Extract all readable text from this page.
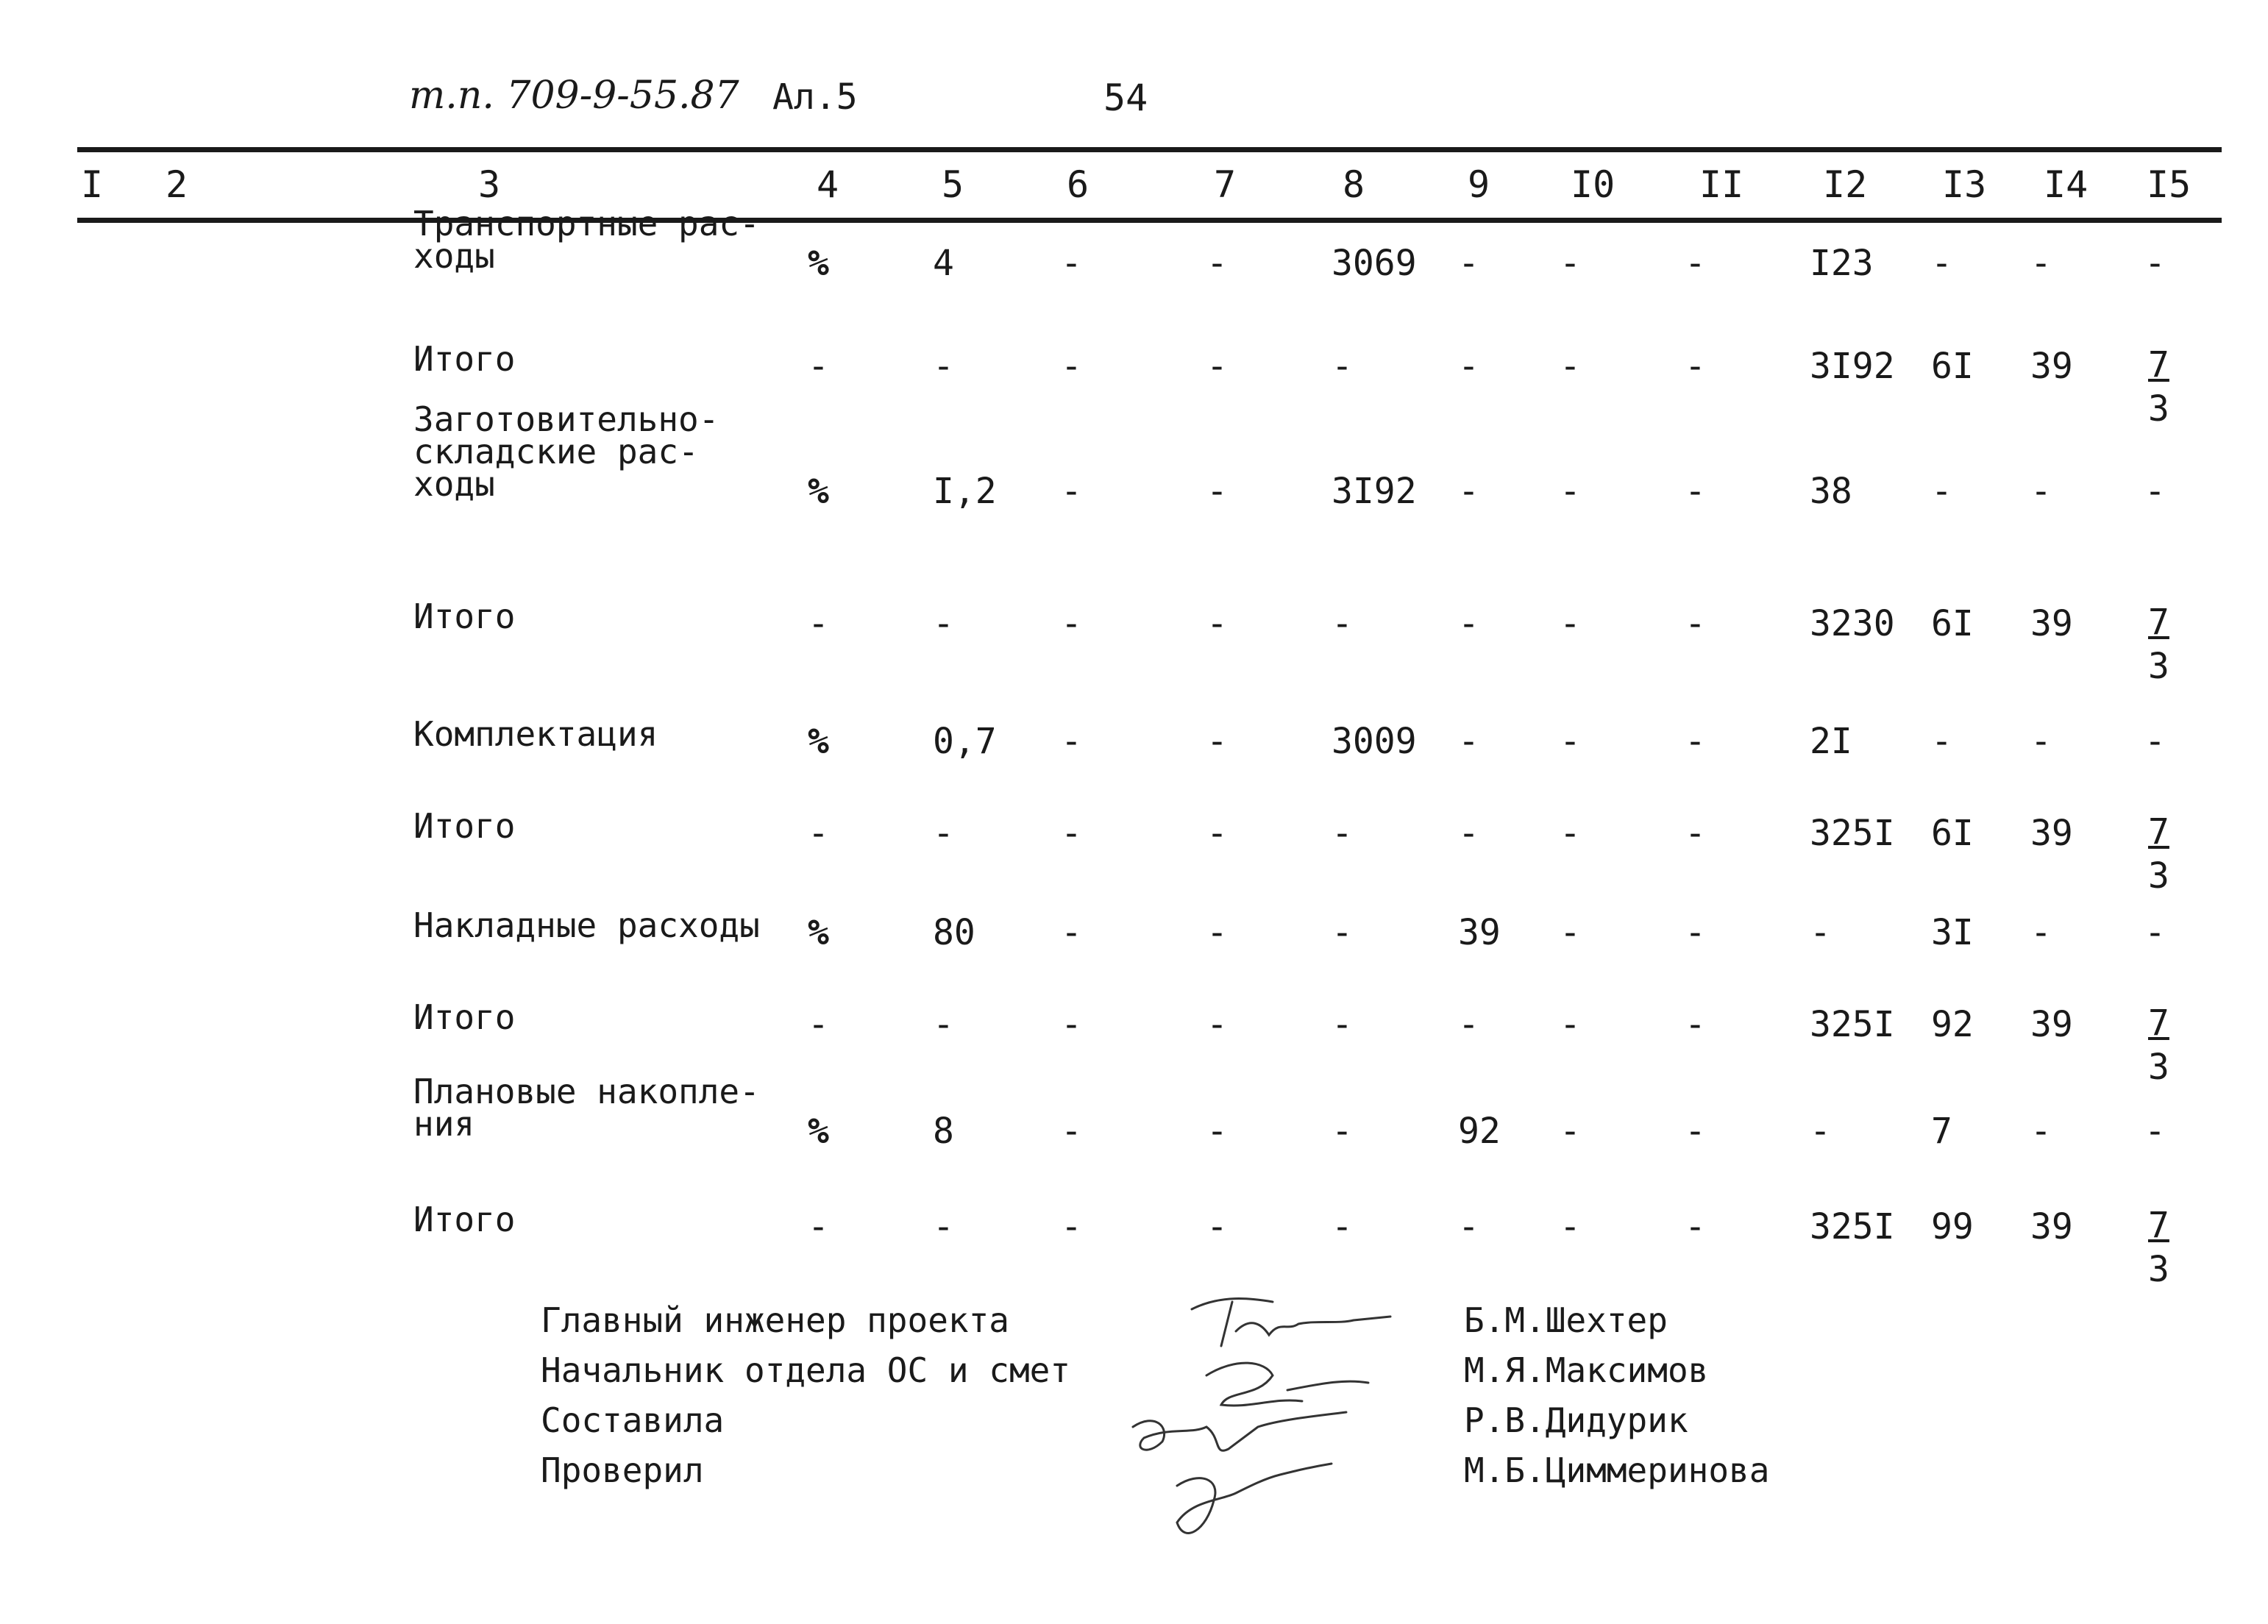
т.п. 709-9-55.87 Ал.5	54
I 2	3	4	5	6	7	8	9 I0 II I2 I3 I4 I5
Транспортные рас-
ходы	%	4	-	-	3069 - -	-	I23 - -	-
Итого	-	-	-	-	-	- -	-	3I92 6I $39 \frac{7}{3}$
Заготовительно-
складские рас-
ходы	%	I,2 -	-	3I92 - -	-	38 - -	-
Итого	-	-	-	-	-	- -	-	3230 6I $39 \frac{7}{3}$
Комплектация	%	0,7 -	-	3009 - -	-	2I - -	-
Итого	-	-	-	-	-	- -	-	325I 6I $39 \frac{7}{3}$
Накладные расходы %	80 -	-	-	39 -	-	-	3I -	-
Итого	-	-	-	-	-	- -	-	325I 92 $39 \frac{7}{3}$
Плановые накопле-
ния	%	8	-	-	-	92 -	-	-	7 -	-
Итого	-	-	-	-	-	- -	-	325I 99 $39 \frac{7}{3}$
Главный инженер проекта
Начальник отдела ОС и смет
Составила
Проверил
Б.М.Шехтер
М.Я.Максимов
Р.В.Дидурик
М.Б.Циммеринова
